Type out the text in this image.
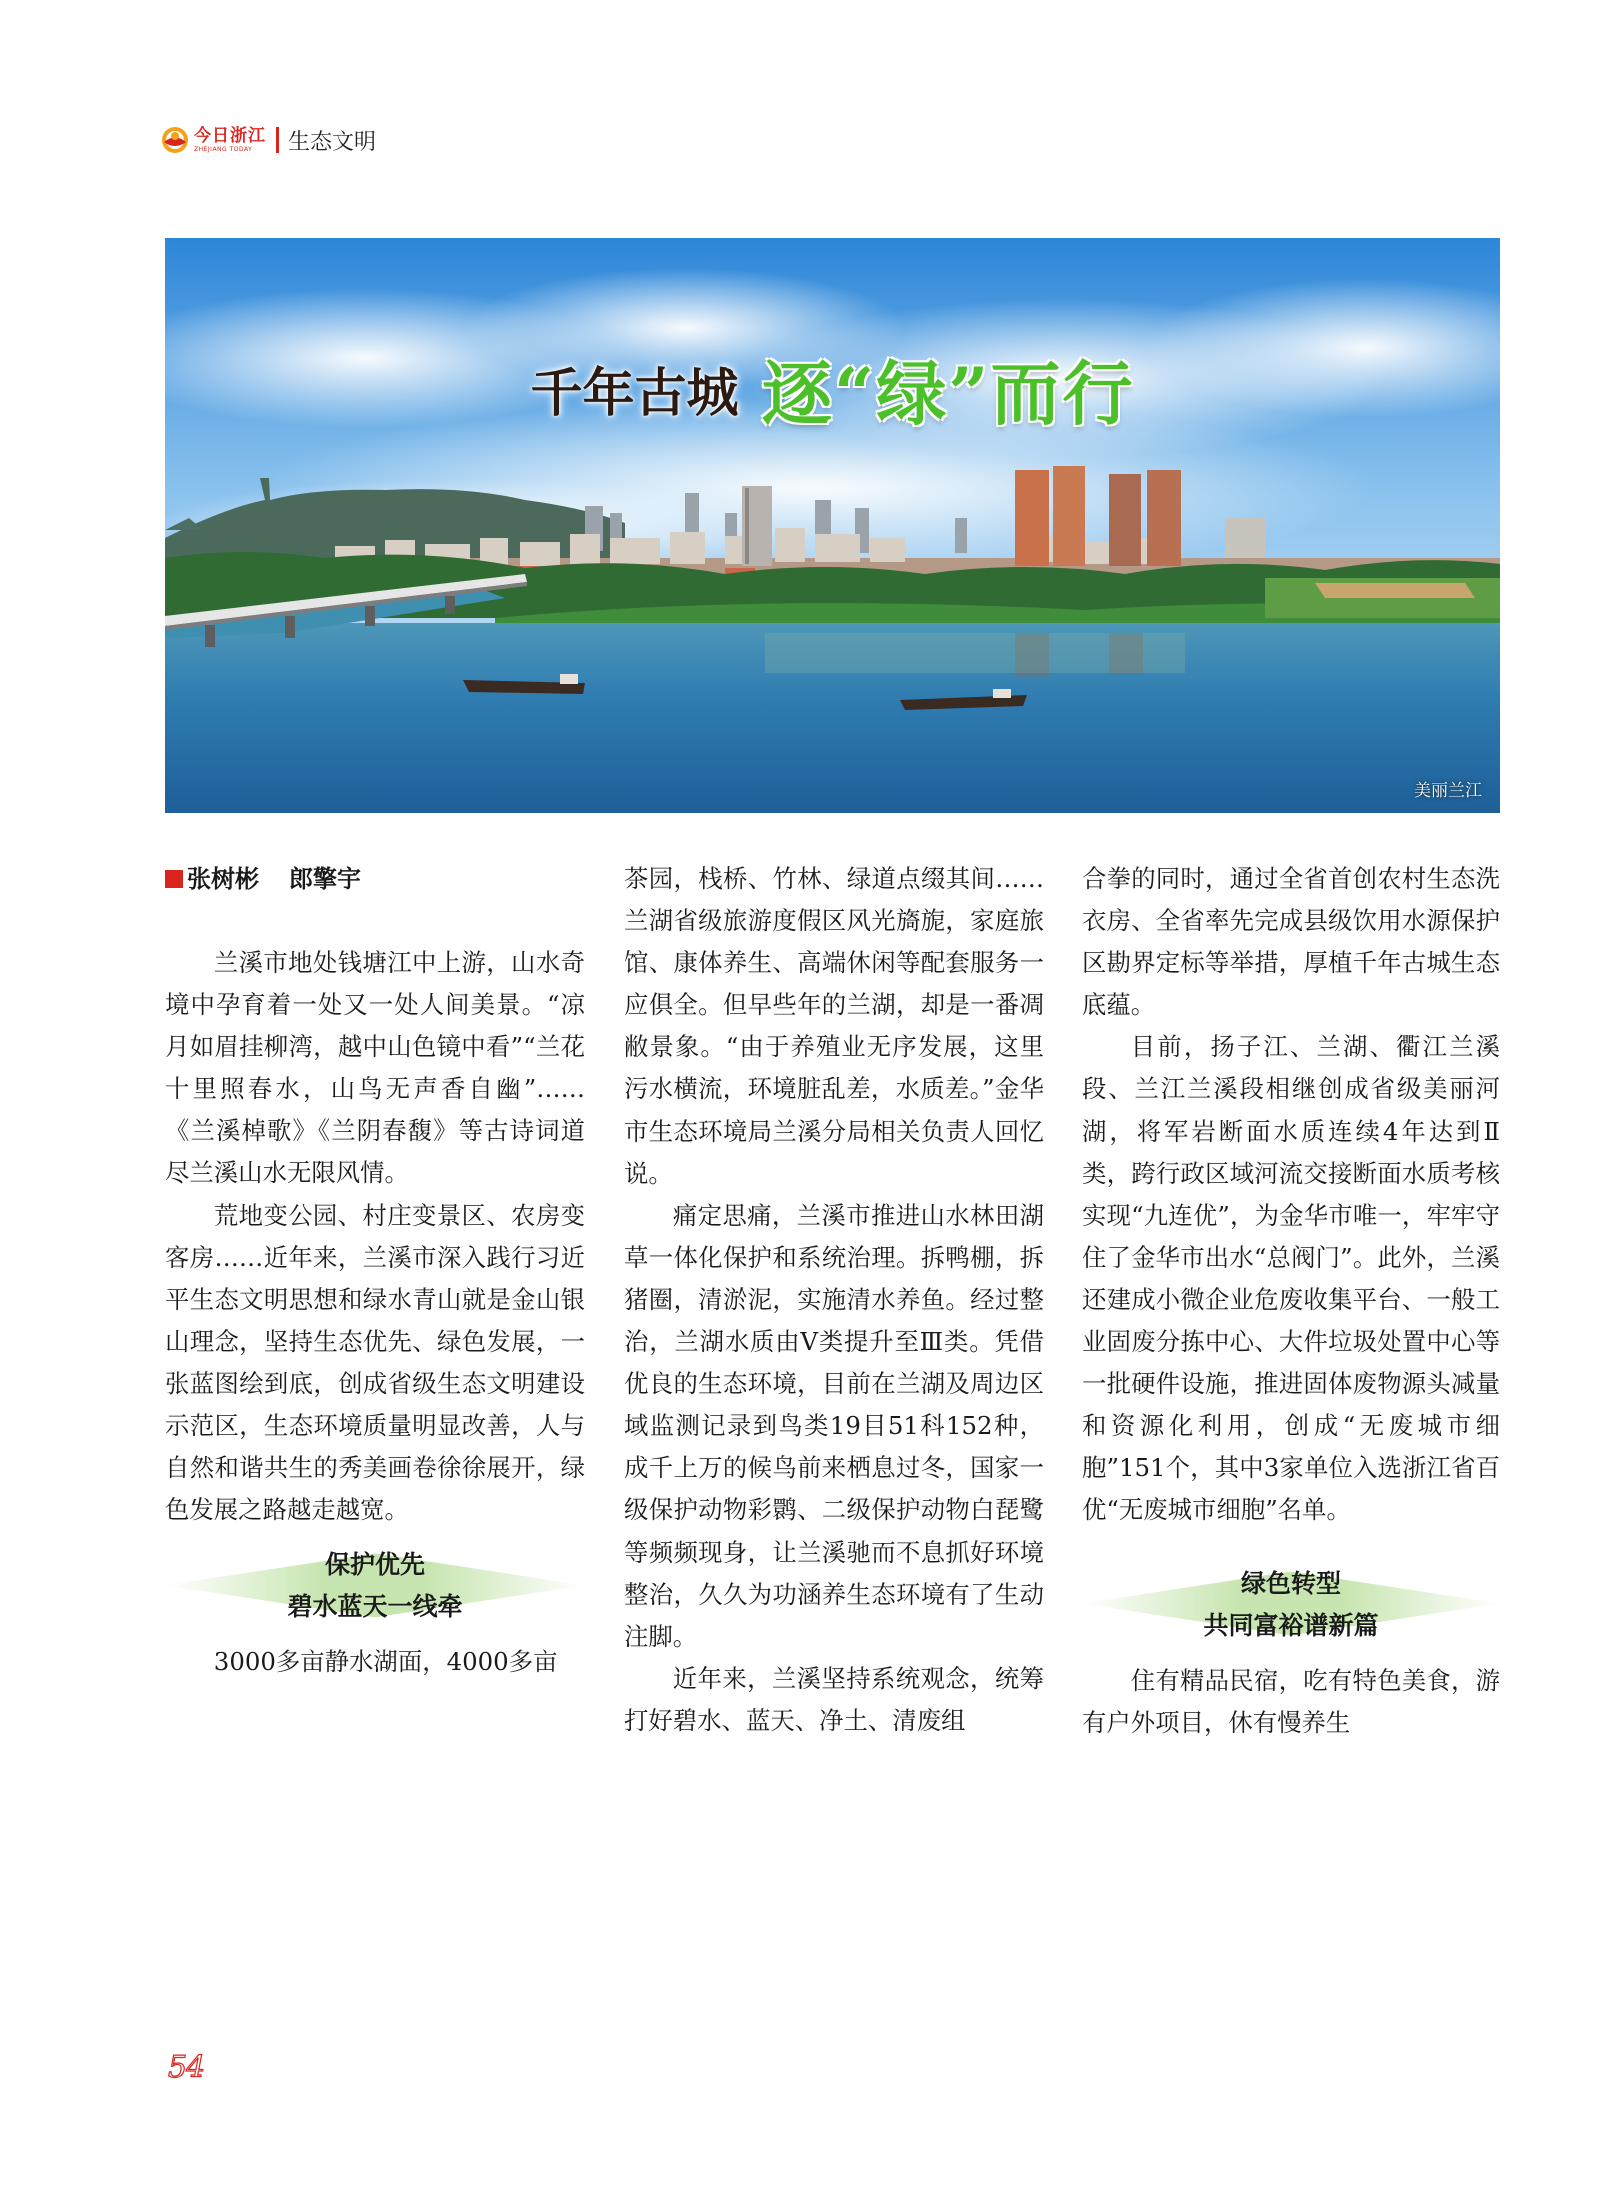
今日浙江
ZHEJIANG TODAY	生态文明
千年古城 逐“绿”而行
美丽兰江
张树彬 郎擎宇

兰溪市地处钱塘江中上游，山水奇境中孕育着一处又一处人间美景。“凉月如眉挂柳湾，越中山色镜中看”“兰花十里照春水，山鸟无声香自幽”……《兰溪棹歌》《兰阴春馥》等古诗词道尽兰溪山水无限风情。

荒地变公园、村庄变景区、农房变客房……近年来，兰溪市深入践行习近平生态文明思想和绿水青山就是金山银山理念，坚持生态优先、绿色发展，一张蓝图绘到底，创成省级生态文明建设示范区，生态环境质量明显改善，人与自然和谐共生的秀美画卷徐徐展开，绿色发展之路越走越宽。

保护优先
碧水蓝天一线牵

3000多亩静水湖面，4000多亩

茶园，栈桥、竹林、绿道点缀其间……兰湖省级旅游度假区风光旖旎，家庭旅馆、康体养生、高端休闲等配套服务一应俱全。但早些年的兰湖，却是一番凋敝景象。“由于养殖业无序发展，这里污水横流，环境脏乱差，水质差。”金华市生态环境局兰溪分局相关负责人回忆说。

痛定思痛，兰溪市推进山水林田湖草一体化保护和系统治理。拆鸭棚，拆猪圈，清淤泥，实施清水养鱼。经过整治，兰湖水质由Ⅴ类提升至Ⅲ类。凭借优良的生态环境，目前在兰湖及周边区域监测记录到鸟类19目51科152种，成千上万的候鸟前来栖息过冬，国家一级保护动物彩鹮、二级保护动物白琵鹭等频频现身，让兰溪驰而不息抓好环境整治，久久为功涵养生态环境有了生动注脚。

近年来，兰溪坚持系统观念，统筹打好碧水、蓝天、净土、清废组

合拳的同时，通过全省首创农村生态洗衣房、全省率先完成县级饮用水源保护区勘界定标等举措，厚植千年古城生态底蕴。

目前，扬子江、兰湖、衢江兰溪段、兰江兰溪段相继创成省级美丽河湖，将军岩断面水质连续4年达到Ⅱ类，跨行政区域河流交接断面水质考核实现“九连优”，为金华市唯一，牢牢守住了金华市出水“总阀门”。此外，兰溪还建成小微企业危废收集平台、一般工业固废分拣中心、大件垃圾处置中心等一批硬件设施，推进固体废物源头减量和资源化利用，创成“无废城市细胞”151个，其中3家单位入选浙江省百优“无废城市细胞”名单。

绿色转型
共同富裕谱新篇

住有精品民宿，吃有特色美食，游有户外项目，休有慢养生

54
